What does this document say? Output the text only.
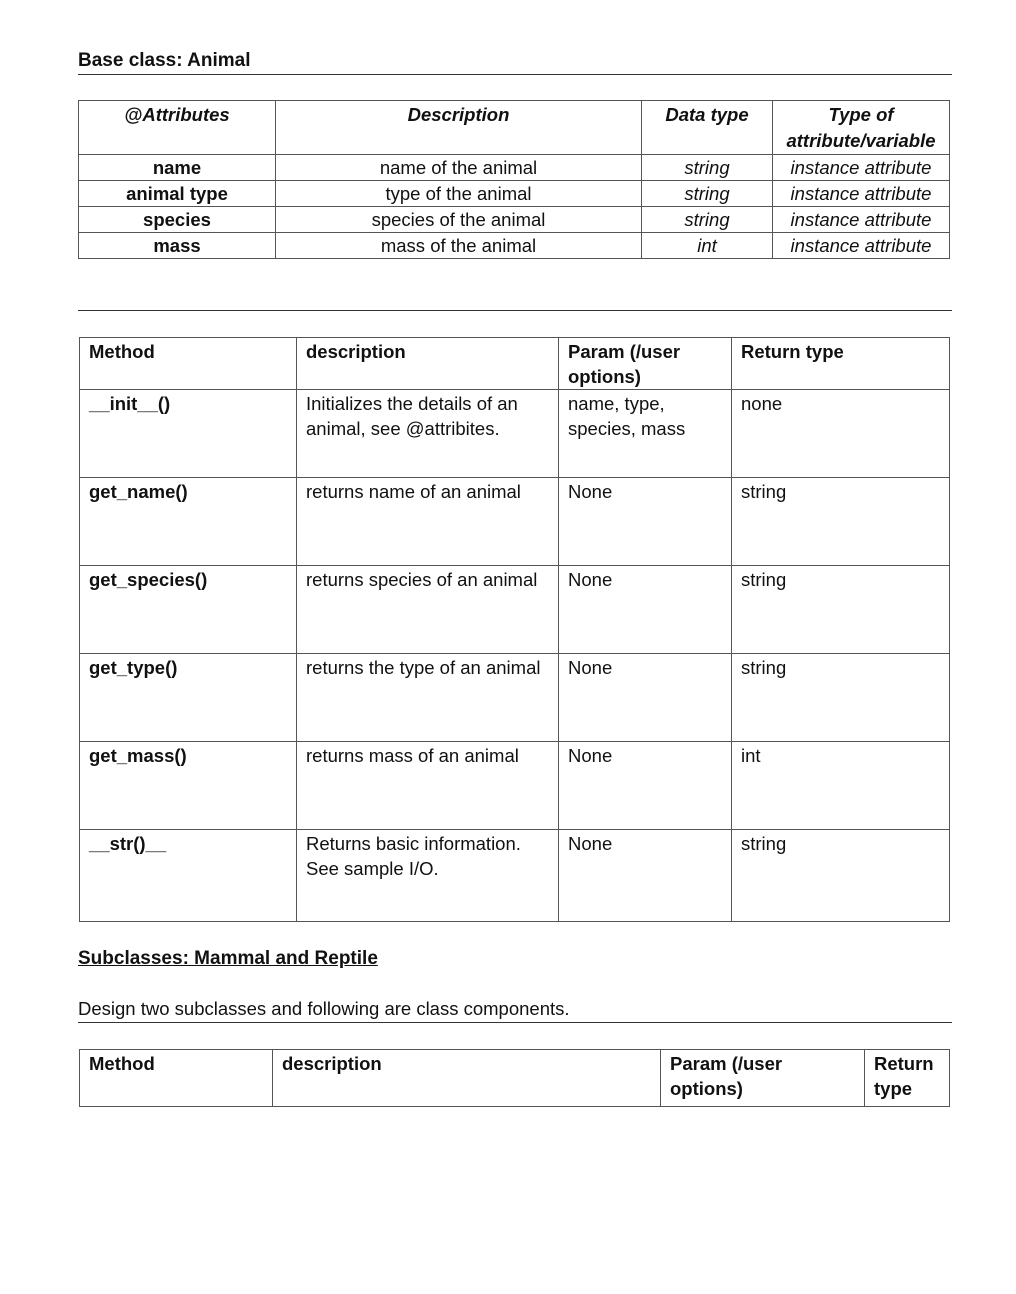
Base class: Animal
@Attributes	Description	Data type	Type of attribute/variable
name	name of the animal	string	instance attribute
animal type	type of the animal	string	instance attribute
species	species of the animal	string	instance attribute
mass	mass of the animal	int	instance attribute
Method	description	Param (/user options)	Return type
__init__()	Initializes the details of an animal, see @attribites.	name, type, species, mass	none
get_name()	returns name of an animal	None	string
get_species()	returns species of an animal	None	string
get_type()	returns the type of an animal	None	string
get_mass()	returns mass of an animal	None	int
__str()__	Returns basic information. See sample I/O.	None	string
Subclasses: Mammal and Reptile
Design two subclasses and following are class components.
Method	description	Param (/user options)	Return type
